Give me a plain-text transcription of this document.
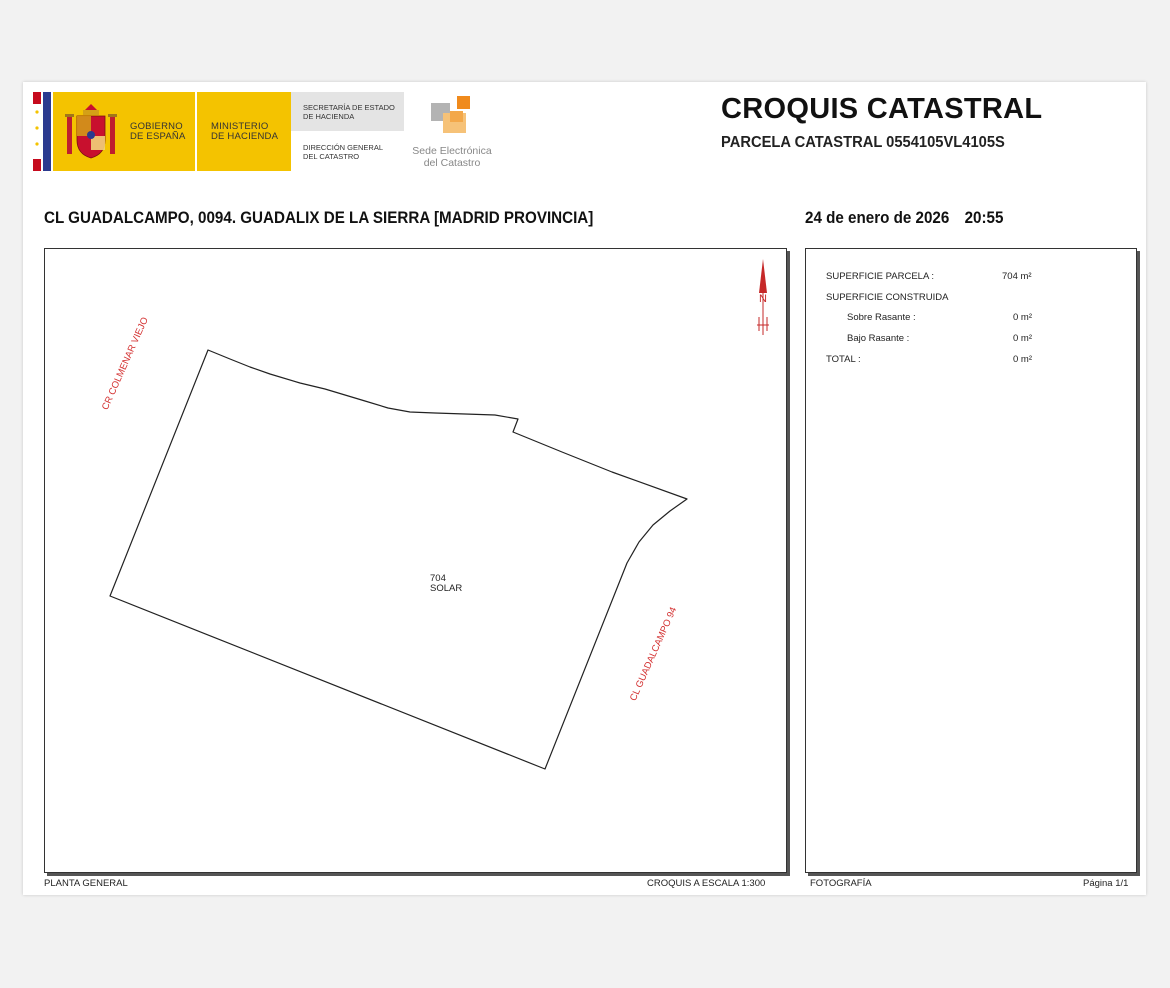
GOBIERNO
DE ESPAÑA
MINISTERIO
DE HACIENDA
SECRETARÍA DE ESTADO
DE HACIENDA
DIRECCIÓN GENERAL
DEL CATASTRO	Sede Electrónica
del Catastro
CROQUIS CATASTRAL
PARCELA CATASTRAL 0554105VL4105S
CL GUADALCAMPO, 0094. GUADALIX DE LA SIERRA [MADRID PROVINCIA]	24 de enero de 2026 20:55
N
CR COLMENAR VIEJO
CL GUADALCAMPO 94
704
SOLAR
SUPERFICIE PARCELA :	704 m²
SUPERFICIE CONSTRUIDA
Sobre Rasante :	0 m²
Bajo Rasante :	0 m²
TOTAL :	0 m²
PLANTA GENERAL	CROQUIS A ESCALA 1:300	FOTOGRAFÍA	Página 1/1
